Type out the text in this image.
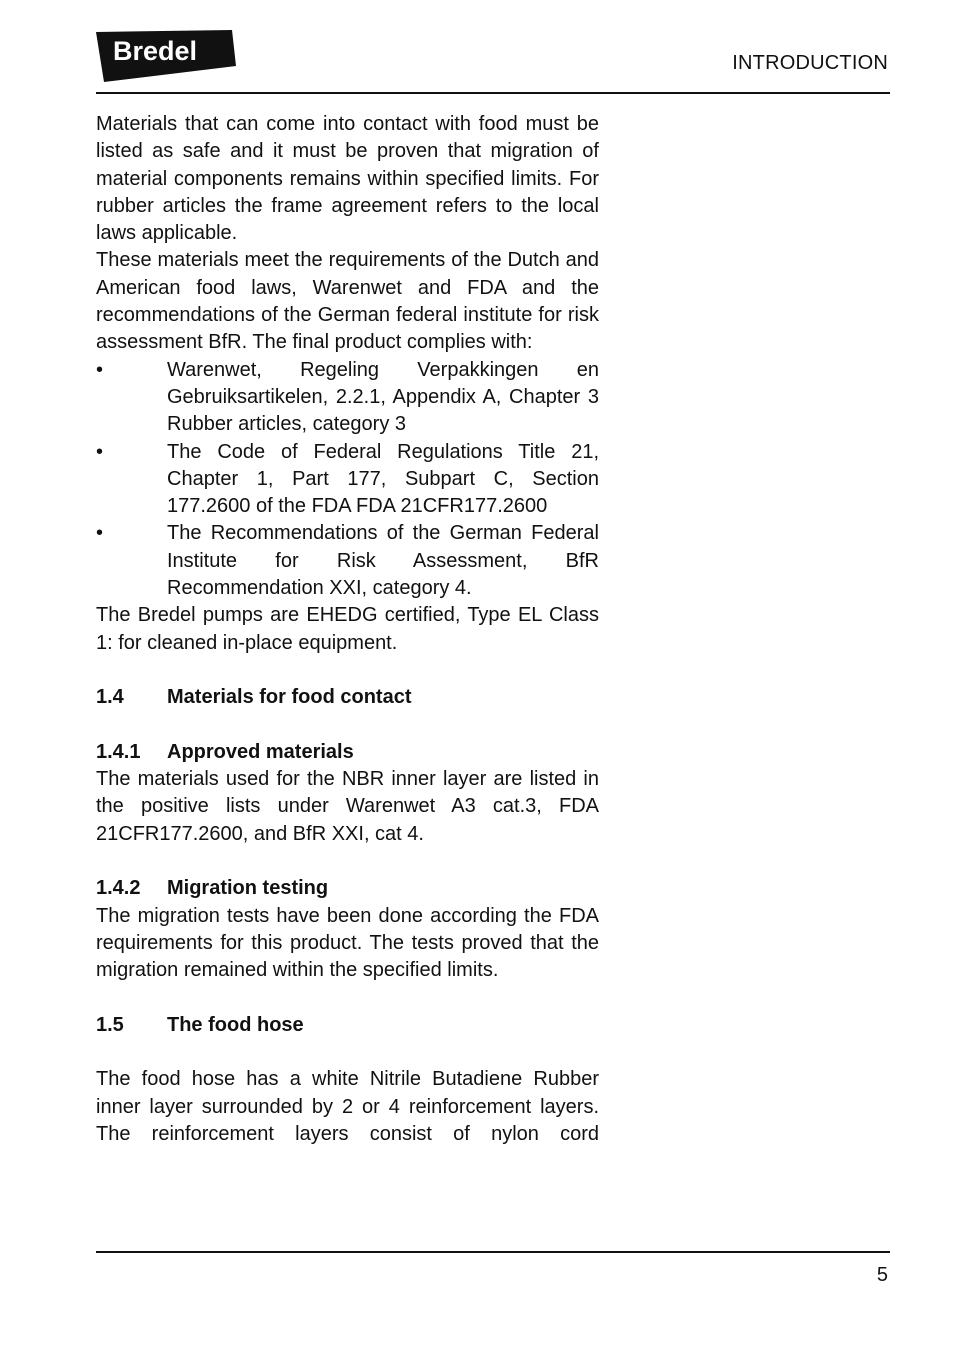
Bredel	INTRODUCTION

Materials that can come into contact with food must be listed as safe and it must be proven that migration of material components remains within specified limits. For rubber articles the frame agreement refers to the local laws applicable.

These materials meet the requirements of the Dutch and American food laws, Warenwet and FDA and the recommendations of the German federal institute for risk assessment BfR. The final product complies with:

•	Warenwet, Regeling Verpakkingen en Gebruiksartikelen, 2.2.1, Appendix A, Chapter 3 Rubber articles, category 3
•	The Code of Federal Regulations Title 21, Chapter 1, Part 177, Subpart C, Section 177.2600 of the FDA FDA 21CFR177.2600
•	The Recommendations of the German Federal Institute for Risk Assessment, BfR Recommendation XXI, category 4.

The Bredel pumps are EHEDG certified, Type EL Class 1: for cleaned in-place equipment.

1.4	Materials for food contact
1.4.1	Approved materials

The materials used for the NBR inner layer are listed in the positive lists under Warenwet A3 cat.3, FDA 21CFR177.2600, and BfR XXI, cat 4.

1.4.2	Migration testing

The migration tests have been done according the FDA requirements for this product. The tests proved that the migration remained within the specified limits.

1.5	The food hose

The food hose has a white Nitrile Butadiene Rubber inner layer surrounded by 2 or 4 reinforcement layers. The reinforcement layers consist of nylon cord

5
